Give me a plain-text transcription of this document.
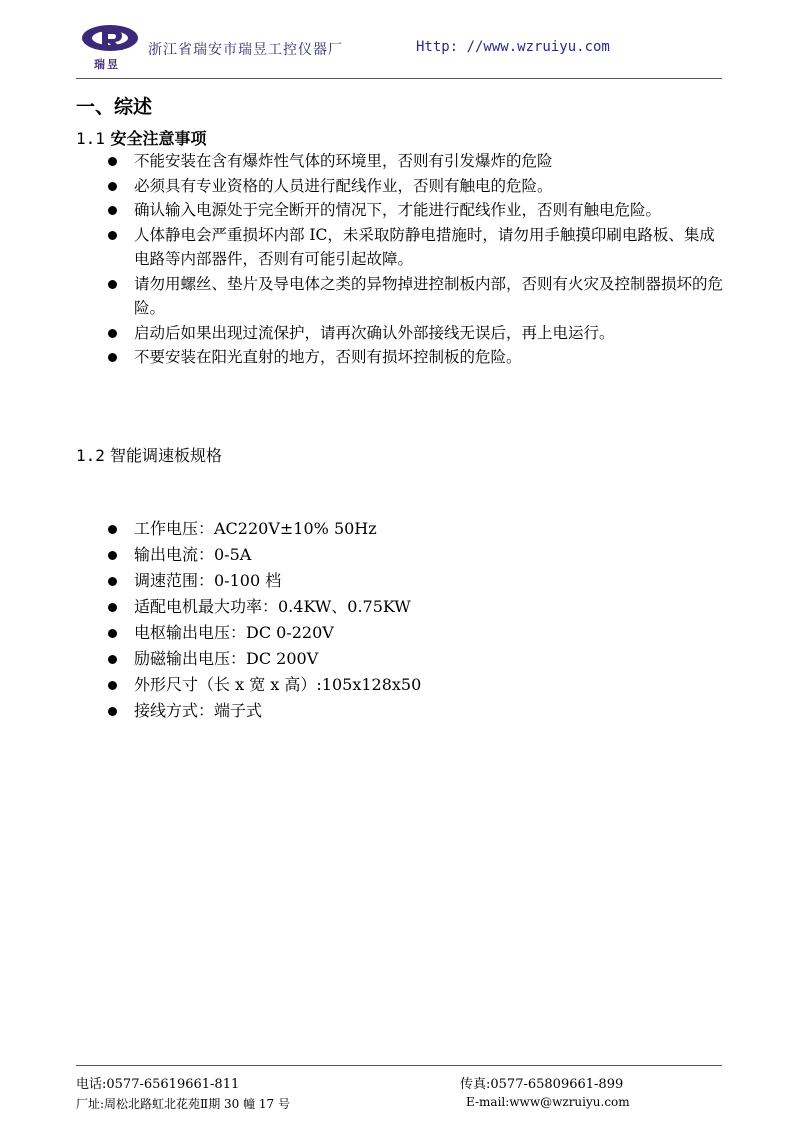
瑞昱
浙江省瑞安市瑞昱工控仪器厂	Http: //www.wzruiyu.com
一、综述
1.1 安全注意事项
不能安装在含有爆炸性气体的环境里，否则有引发爆炸的危险
必须具有专业资格的人员进行配线作业，否则有触电的危险。
确认输入电源处于完全断开的情况下，才能进行配线作业，否则有触电危险。
人体静电会严重损坏内部 IC，未采取防静电措施时，请勿用手触摸印刷电路板、集成电路等内部器件，否则有可能引起故障。
请勿用螺丝、垫片及导电体之类的异物掉进控制板内部，否则有火灾及控制器损坏的危险。
启动后如果出现过流保护，请再次确认外部接线无误后，再上电运行。
不要安装在阳光直射的地方，否则有损坏控制板的危险。
1.2 智能调速板规格
工作电压：AC220V±10% 50Hz
输出电流：0-5A
调速范围：0-100 档
适配电机最大功率：0.4KW、0.75KW
电枢输出电压：DC 0-220V
励磁输出电压：DC 200V
外形尺寸（长 x 宽 x 高）:105x128x50
接线方式：端子式
电话:0577-65619661-811	传真:0577-65809661-899
厂址:周松北路虹北花苑Ⅱ期 30 幢 17 号	E-mail:www@wzruiyu.com
